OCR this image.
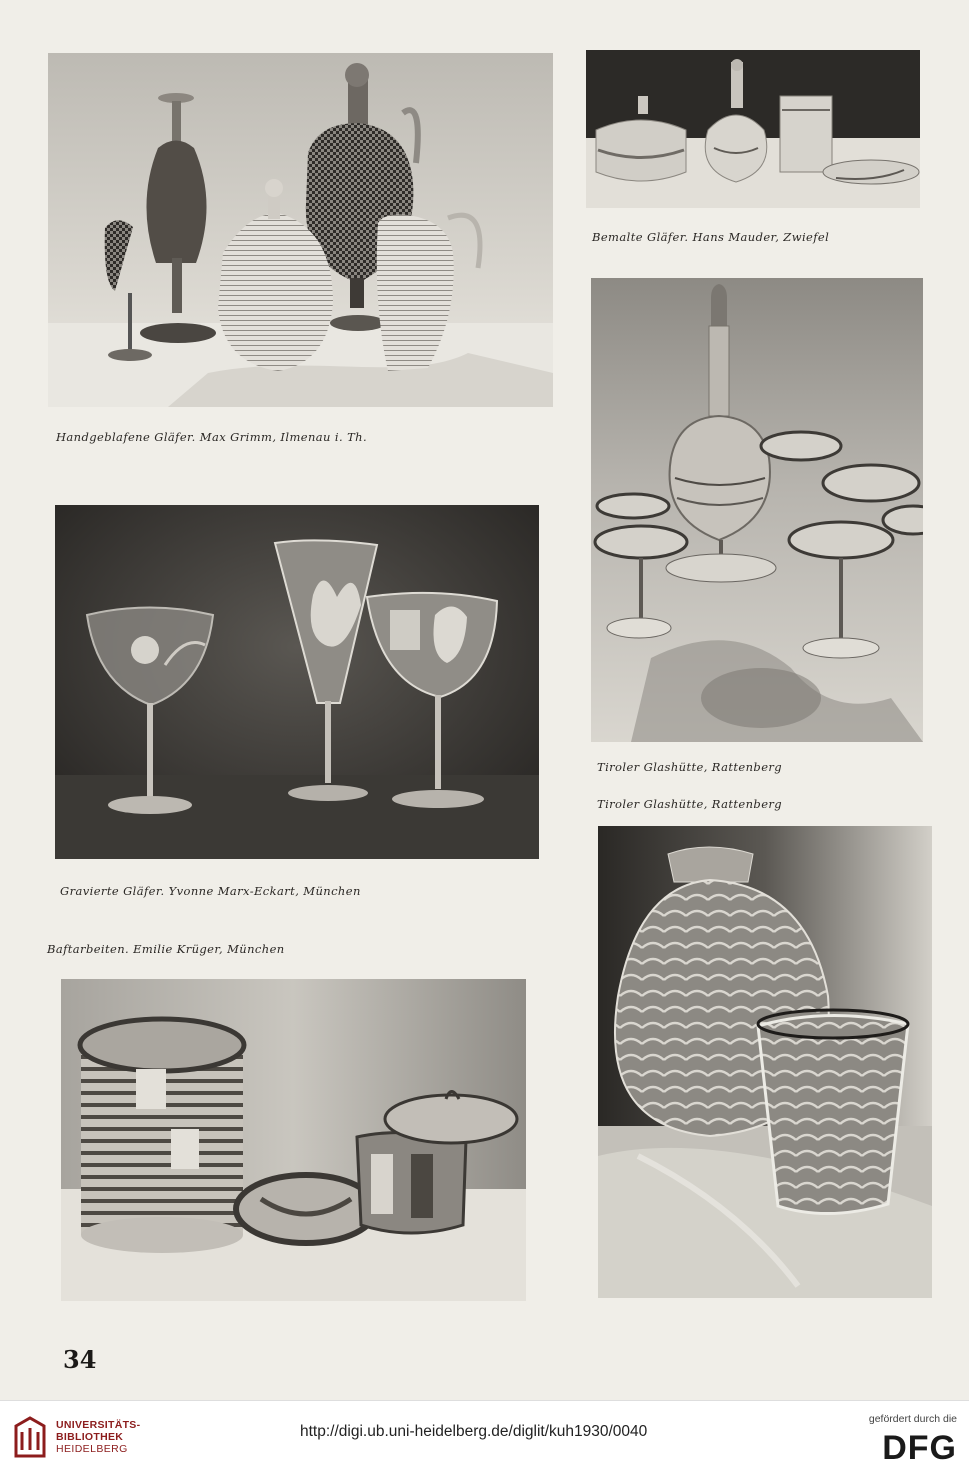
Handgeblafene Gläfer. Max Grimm, Ilmenau i. Th.
Bemalte Gläfer. Hans Mauder, Zwiefel
Tiroler Glashütte, Rattenberg
Tiroler Glashütte, Rattenberg
Gravierte Gläfer. Yvonne Marx-Eckart, München
Baftarbeiten. Emilie Krüger, München
34
UNIVERSITÄTS-
BIBLIOTHEK
HEIDELBERG
http://digi.ub.uni-heidelberg.de/diglit/kuh1930/0040
gefördert durch die
DFG
